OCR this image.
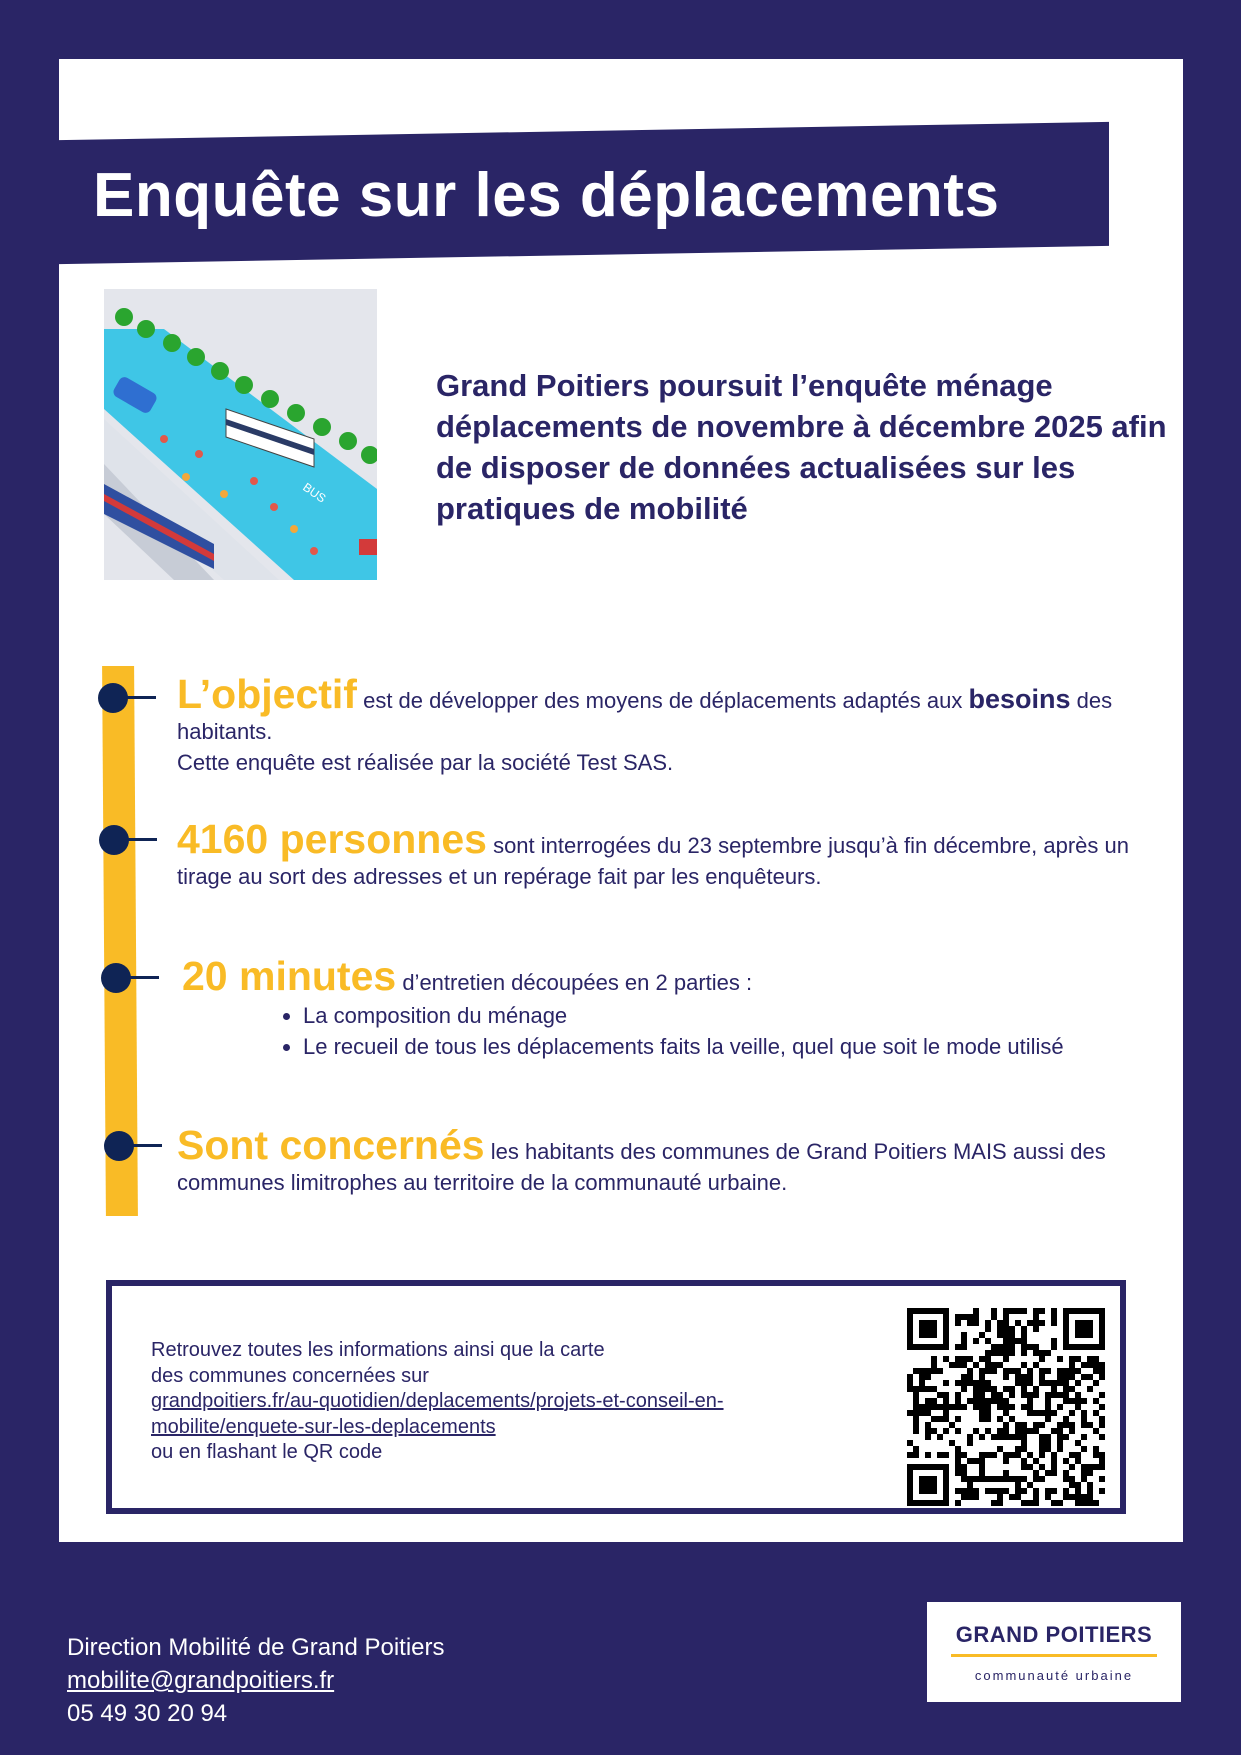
Enquête sur les déplacements
BUS
Grand Poitiers poursuit l’enquête ménage déplacements de novembre à décembre 2025 afin de disposer de données actualisées sur les pratiques de mobilité
L’objectif est de développer des moyens de déplacements adaptés aux besoins des habitants.
Cette enquête est réalisée par la société Test SAS.
4160 personnes sont interrogées du 23 septembre jusqu’à fin décembre, après un tirage au sort des adresses et un repérage fait par les enquêteurs.
20 minutes d’entretien découpées en 2 parties :
• La composition du ménage
• Le recueil de tous les déplacements faits la veille, quel que soit le mode utilisé
Sont concernés les habitants des communes de Grand Poitiers MAIS aussi des communes limitrophes au territoire de la communauté urbaine.
Retrouvez toutes les informations ainsi que la carte
des communes concernées sur
grandpoitiers.fr/au-quotidien/deplacements/projets-et-conseil-en-mobilite/enquete-sur-les-deplacements
ou en flashant le QR code
Direction Mobilité de Grand Poitiers
mobilite@grandpoitiers.fr
05 49 30 20 94
GRAND POITIERS
communauté urbaine
